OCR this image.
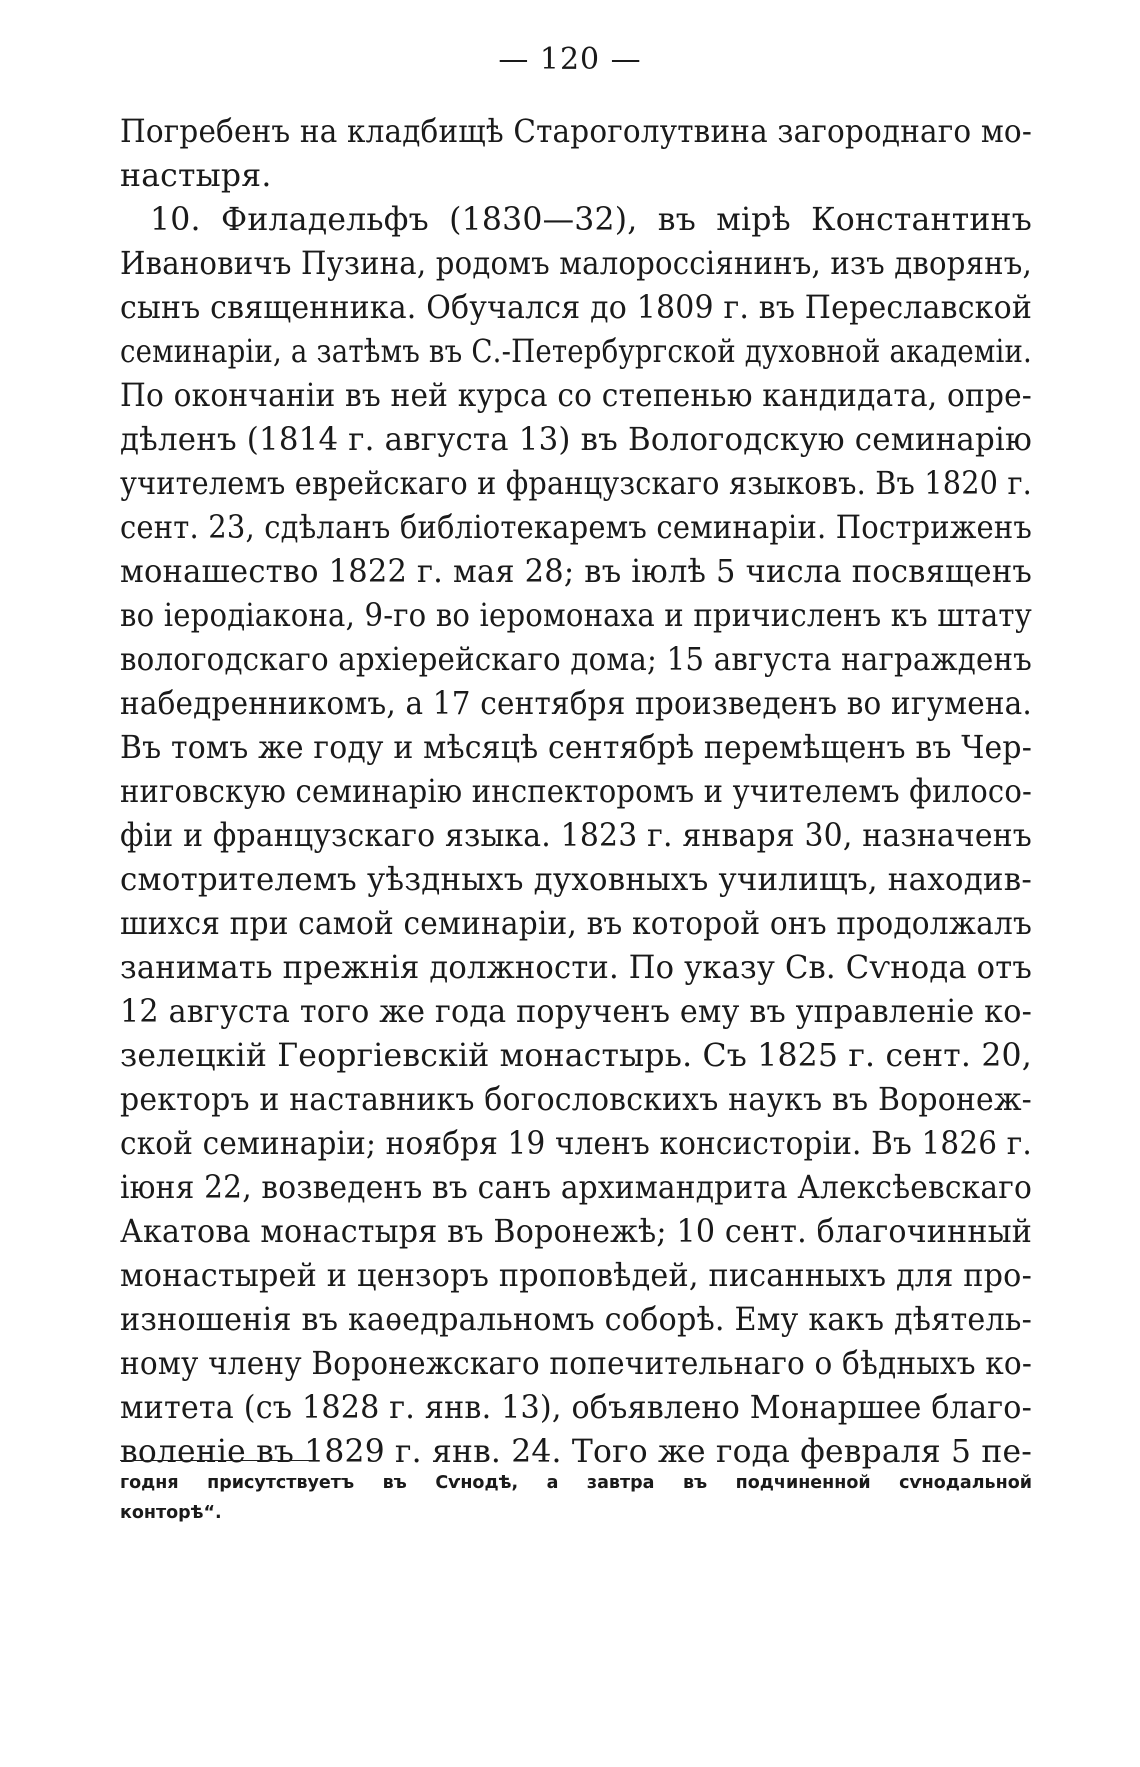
— 120 —
Погребенъ на кладбищѣ Староголутвина загороднаго мо-
настыря.
10. Филадельфъ (1830—32), въ мірѣ Константинъ
Ивановичъ Пузина, родомъ малороссіянинъ, изъ дворянъ,
сынъ священника. Обучался до 1809 г. въ Переславской
семинаріи, а затѣмъ въ С.-Петербургской духовной академіи.
По окончаніи въ ней курса со степенью кандидата, опре-
дѣленъ (1814 г. августа 13) въ Вологодскую семинарію
учителемъ еврейскаго и французскаго языковъ. Въ 1820 г.
сент. 23, сдѣланъ библіотекаремъ семинаріи. Постриженъ
монашество 1822 г. мая 28; въ іюлѣ 5 числа посвященъ
во іеродіакона, 9-го во іеромонаха и причисленъ къ штату
вологодскаго архіерейскаго дома; 15 августа награжденъ
набедренникомъ, а 17 сентября произведенъ во игумена.
Въ томъ же году и мѣсяцѣ сентябрѣ перемѣщенъ въ Чер-
ниговскую семинарію инспекторомъ и учителемъ филосо-
фіи и французскаго языка. 1823 г. января 30, назначенъ
смотрителемъ уѣздныхъ духовныхъ училищъ, находив-
шихся при самой семинаріи, въ которой онъ продолжалъ
занимать прежнія должности. По указу Св. Сѵнода отъ
12 августа того же года порученъ ему въ управленіе ко-
зелецкій Георгіевскій монастырь. Съ 1825 г. сент. 20,
ректоръ и наставникъ богословскихъ наукъ въ Воронеж-
ской семинаріи; ноября 19 членъ консисторіи. Въ 1826 г.
іюня 22, возведенъ въ санъ архимандрита Алексѣевскаго
Акатова монастыря въ Воронежѣ; 10 сент. благочинный
монастырей и цензоръ проповѣдей, писанныхъ для про-
изношенія въ каѳедральномъ соборѣ. Ему какъ дѣятель-
ному члену Воронежскаго попечительнаго о бѣдныхъ ко-
митета (съ 1828 г. янв. 13), объявлено Монаршее благо-
воленіе въ 1829 г. янв. 24. Того же года февраля 5 пе-
годня присутствуетъ въ Сѵнодѣ, а завтра въ подчиненной сѵнодальной
конторѣ“.
